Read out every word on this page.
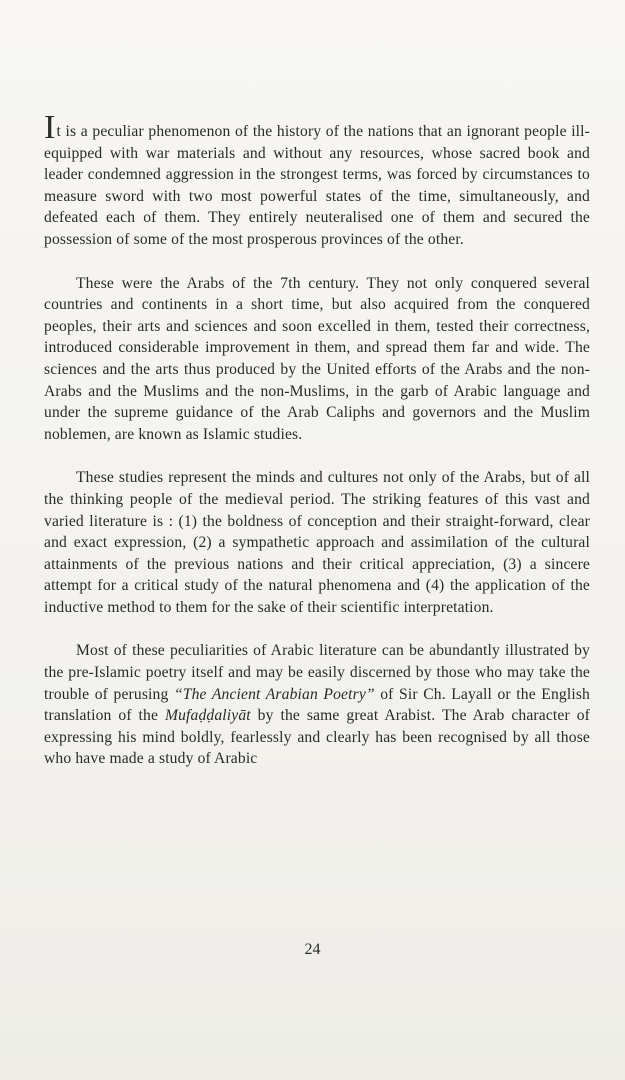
It is a peculiar phenomenon of the history of the nations that an ignorant people ill-equipped with war materials and without any resources, whose sacred book and leader condemned aggression in the strongest terms, was forced by circumstances to measure sword with two most powerful states of the time, simultaneously, and defeated each of them. They entirely neuteralised one of them and secured the possession of some of the most prosperous provinces of the other.

These were the Arabs of the 7th century. They not only conquered several countries and continents in a short time, but also acquired from the conquered peoples, their arts and sciences and soon excelled in them, tested their correctness, introduced considerable improvement in them, and spread them far and wide. The sciences and the arts thus produced by the United efforts of the Arabs and the non-Arabs and the Muslims and the non-Muslims, in the garb of Arabic language and under the supreme guidance of the Arab Caliphs and governors and the Muslim noblemen, are known as Islamic studies.

These studies represent the minds and cultures not only of the Arabs, but of all the thinking people of the medieval period. The striking features of this vast and varied literature is : (1) the boldness of conception and their straight-forward, clear and exact expression, (2) a sympathetic approach and assimilation of the cultural attainments of the previous nations and their critical appreciation, (3) a sincere attempt for a critical study of the natural phenomena and (4) the application of the inductive method to them for the sake of their scientific interpretation.

Most of these peculiarities of Arabic literature can be abundantly illustrated by the pre-Islamic poetry itself and may be easily discerned by those who may take the trouble of perusing “The Ancient Arabian Poetry” of Sir Ch. Layall or the English translation of the Mufaḍḍaliyāt by the same great Arabist. The Arab character of expressing his mind boldly, fearlessly and clearly has been recognised by all those who have made a study of Arabic

24
